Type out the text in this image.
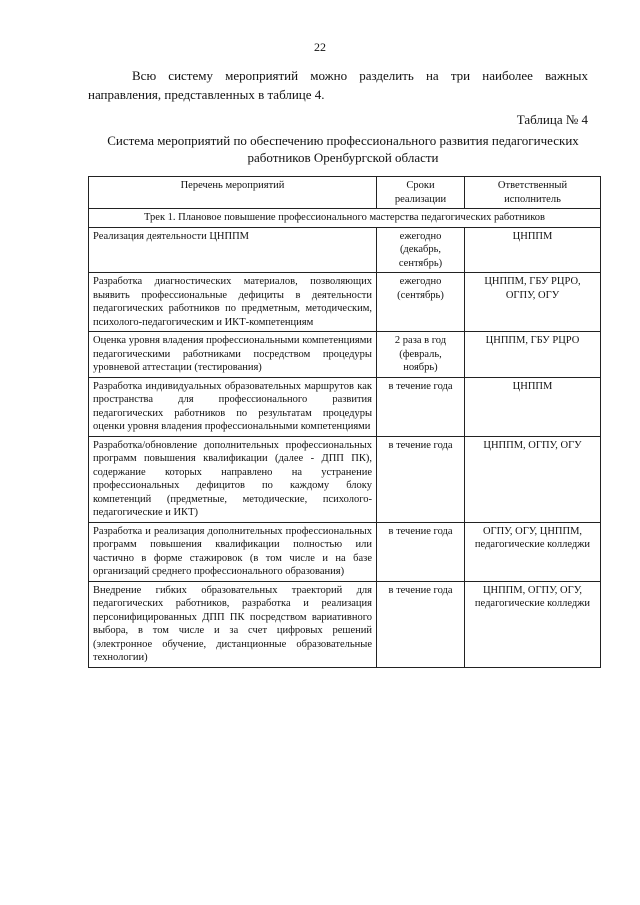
22

Всю систему мероприятий можно разделить на три наиболее важных направления, представленных в таблице 4.

Таблица № 4

Система мероприятий по обеспечению профессионального развития педагогических работников Оренбургской области

Перечень мероприятий	Сроки реализации	Ответственный исполнитель
Трек 1. Плановое повышение профессионального мастерства педагогических работников		
Реализация деятельности ЦНППМ	ежегодно (декабрь, сентябрь)	ЦНППМ
Разработка диагностических материалов, позволяющих выявить профессиональные дефициты в деятельности педагогических работников по предметным, методическим, психолого-педагогическим и ИКТ-компетенциям	ежегодно (сентябрь)	ЦНППМ, ГБУ РЦРО, ОГПУ, ОГУ
Оценка уровня владения профессиональными компетенциями педагогическими работниками посредством процедуры уровневой аттестации (тестирования)	2 раза в год (февраль, ноябрь)	ЦНППМ, ГБУ РЦРО
Разработка индивидуальных образовательных маршрутов как пространства для профессионального развития педагогических работников по результатам процедуры оценки уровня владения профессиональными компетенциями	в течение года	ЦНППМ
Разработка/обновление дополнительных профессиональных программ повышения квалификации (далее - ДПП ПК), содержание которых направлено на устранение профессиональных дефицитов по каждому блоку компетенций (предметные, методические, психолого-педагогические и ИКТ)	в течение года	ЦНППМ, ОГПУ, ОГУ
Разработка и реализация дополнительных профессиональных программ повышения квалификации полностью или частично в форме стажировок (в том числе и на базе организаций среднего профессионального образования)	в течение года	ОГПУ, ОГУ, ЦНППМ, педагогические колледжи
Внедрение гибких образовательных траекторий для педагогических работников, разработка и реализация персонифицированных ДПП ПК посредством вариативного выбора, в том числе и за счет цифровых решений (электронное обучение, дистанционные образовательные технологии)	в течение года	ЦНППМ, ОГПУ, ОГУ, педагогические колледжи
